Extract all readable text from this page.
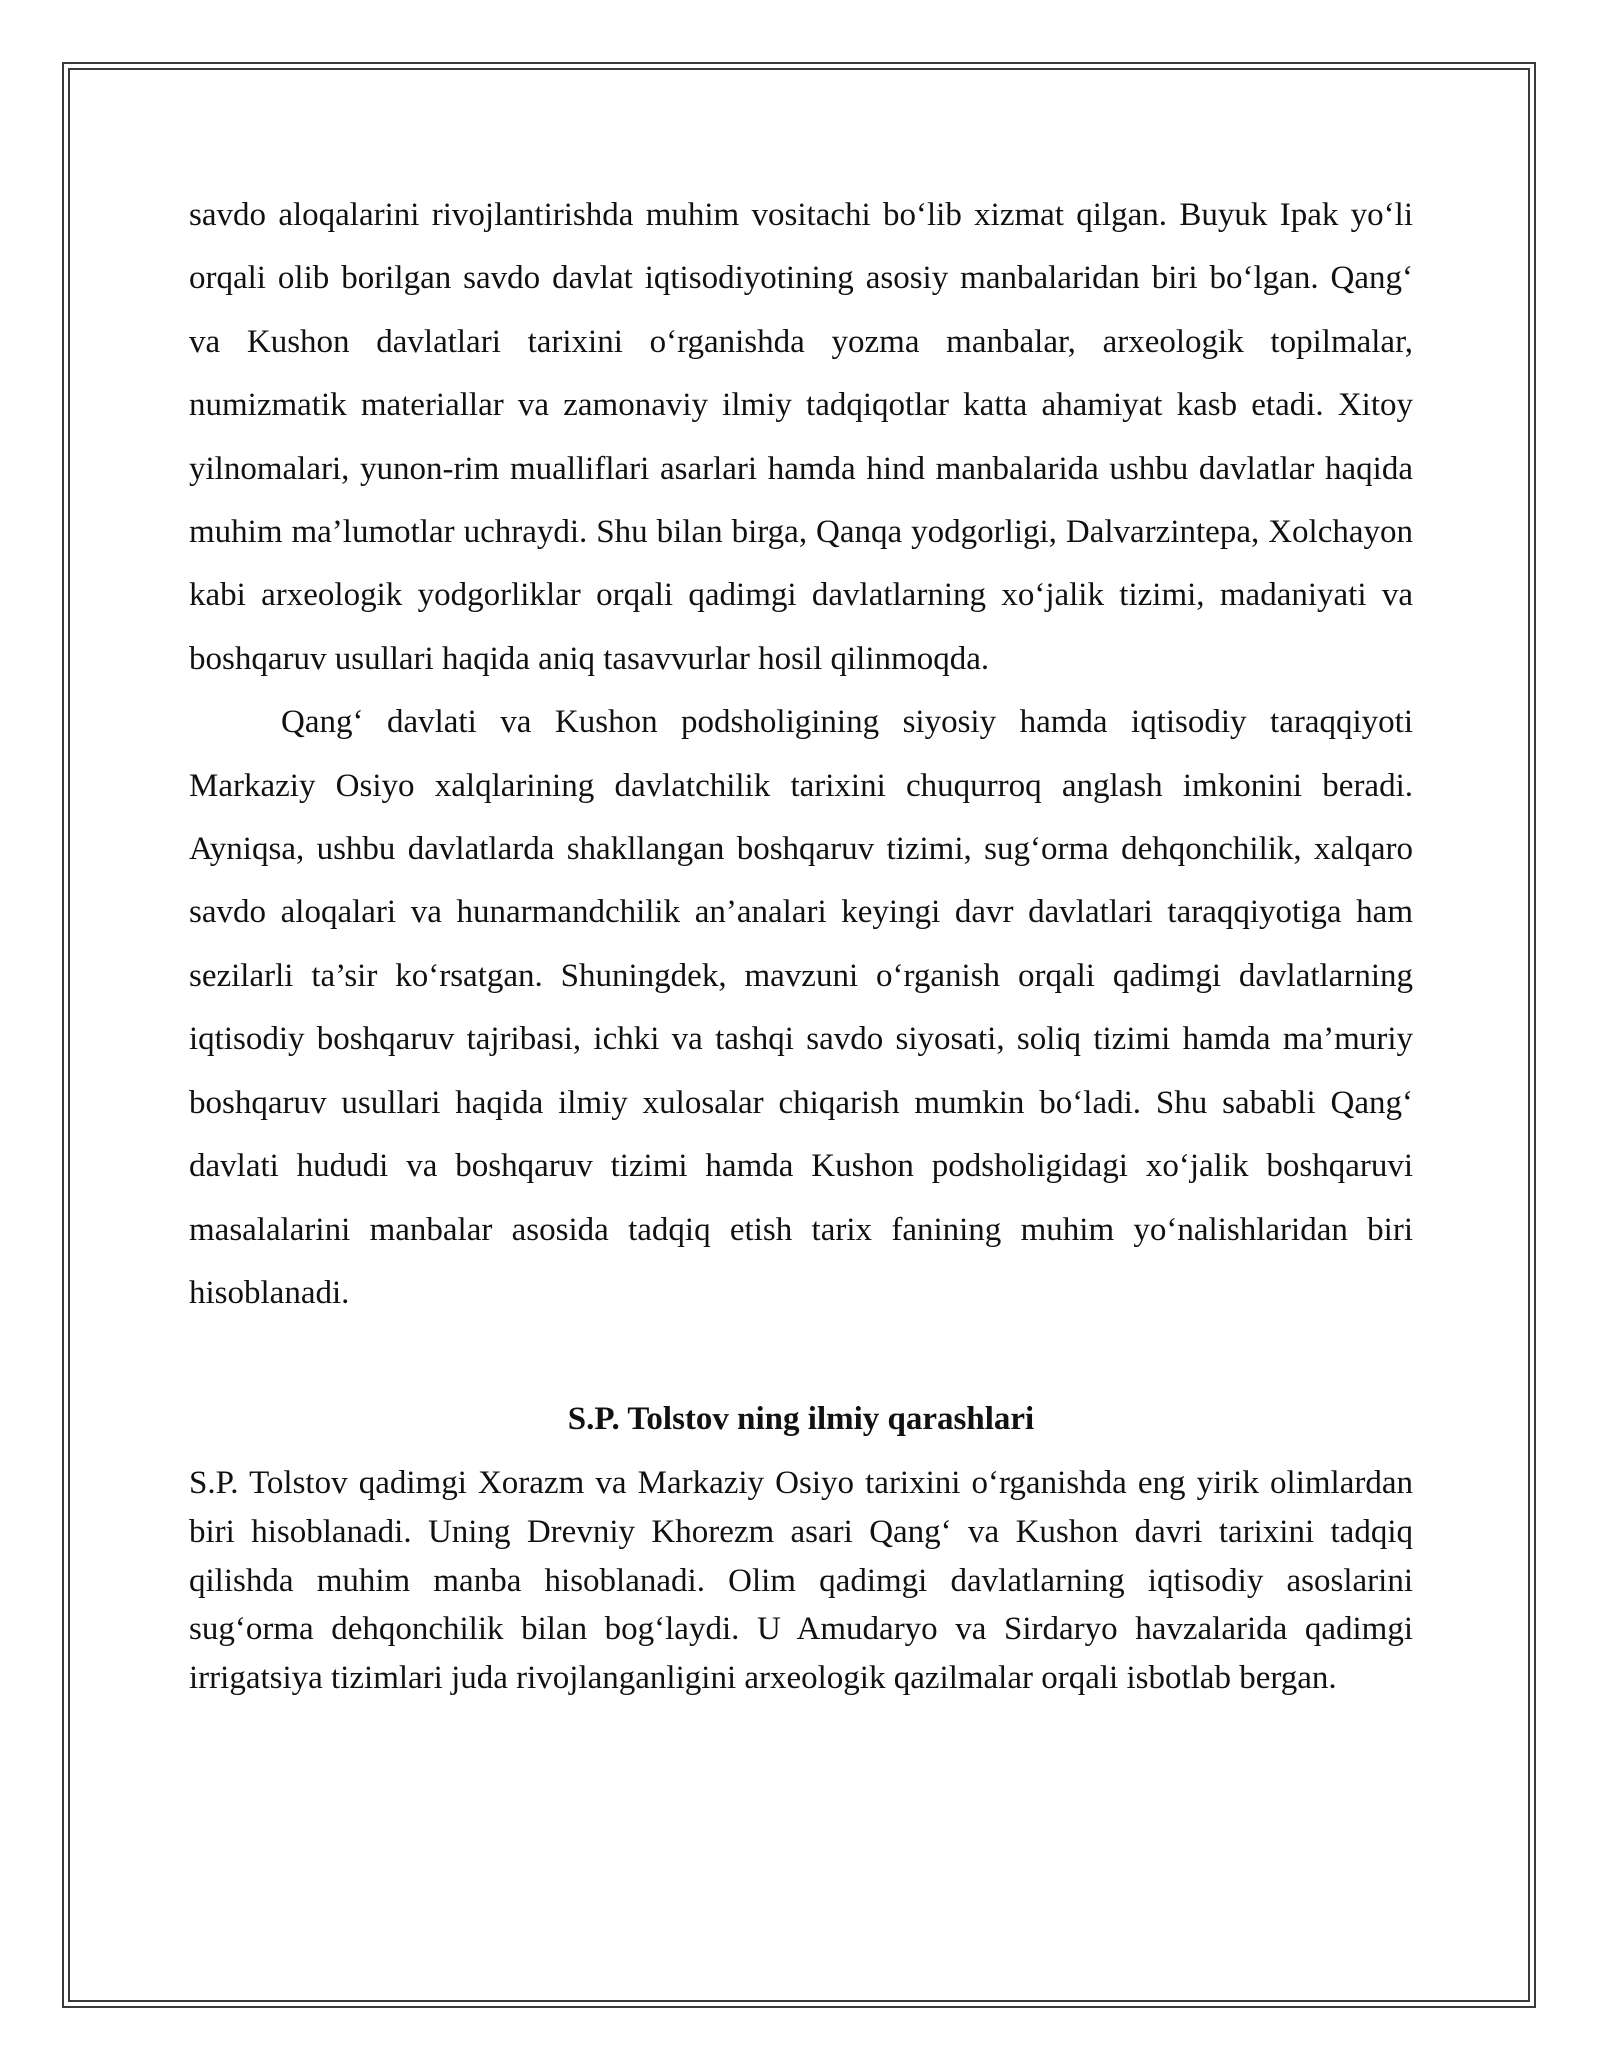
savdo aloqalarini rivojlantirishda muhim vositachi bo‘lib xizmat qilgan. Buyuk Ipak yo‘li orqali olib borilgan savdo davlat iqtisodiyotining asosiy manbalaridan biri bo‘lgan. Qang‘ va Kushon davlatlari tarixini o‘rganishda yozma manbalar, arxeologik topilmalar, numizmatik materiallar va zamonaviy ilmiy tadqiqotlar katta ahamiyat kasb etadi. Xitoy yilnomalari, yunon-rim mualliflari asarlari hamda hind manbalarida ushbu davlatlar haqida muhim ma’lumotlar uchraydi. Shu bilan birga, Qanqa yodgorligi, Dalvarzintepa, Xolchayon kabi arxeologik yodgorliklar orqali qadimgi davlatlarning xo‘jalik tizimi, madaniyati va boshqaruv usullari haqida aniq tasavvurlar hosil qilinmoqda.

Qang‘ davlati va Kushon podsholigining siyosiy hamda iqtisodiy taraqqiyoti Markaziy Osiyo xalqlarining davlatchilik tarixini chuqurroq anglash imkonini beradi. Ayniqsa, ushbu davlatlarda shakllangan boshqaruv tizimi, sug‘orma dehqonchilik, xalqaro savdo aloqalari va hunarmandchilik an’analari keyingi davr davlatlari taraqqiyotiga ham sezilarli ta’sir ko‘rsatgan. Shuningdek, mavzuni o‘rganish orqali qadimgi davlatlarning iqtisodiy boshqaruv tajribasi, ichki va tashqi savdo siyosati, soliq tizimi hamda ma’muriy boshqaruv usullari haqida ilmiy xulosalar chiqarish mumkin bo‘ladi. Shu sababli Qang‘ davlati hududi va boshqaruv tizimi hamda Kushon podsholigidagi xo‘jalik boshqaruvi masalalarini manbalar asosida tadqiq etish tarix fanining muhim yo‘nalishlaridan biri hisoblanadi.

S.P. Tolstov ning ilmiy qarashlari

S.P. Tolstov qadimgi Xorazm va Markaziy Osiyo tarixini o‘rganishda eng yirik olimlardan biri hisoblanadi. Uning Drevniy Khorezm asari Qang‘ va Kushon davri tarixini tadqiq qilishda muhim manba hisoblanadi. Olim qadimgi davlatlarning iqtisodiy asoslarini sug‘orma dehqonchilik bilan bog‘laydi. U Amudaryo va Sirdaryo havzalarida qadimgi irrigatsiya tizimlari juda rivojlanganligini arxeologik qazilmalar orqali isbotlab bergan.
